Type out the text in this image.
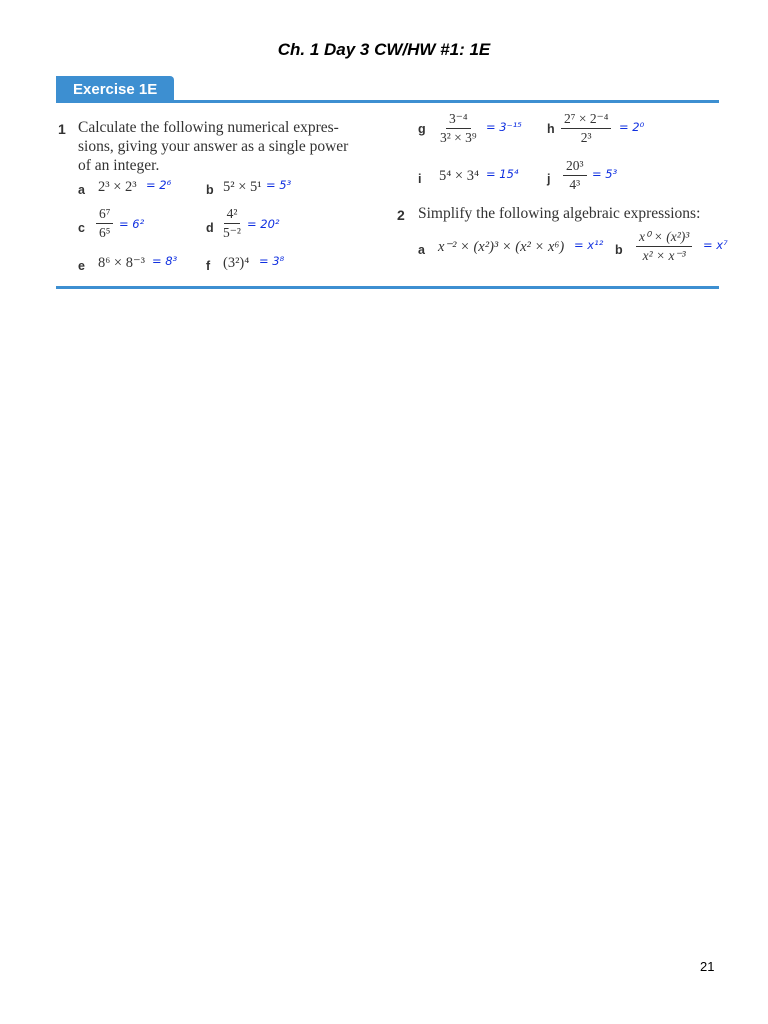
Ch. 1 Day 3 CW/HW #1: 1E
Exercise 1E
1 Calculate the following numerical expres-
sions, giving your answer as a single power
of an integer.
a 2³ × 2³ = 2⁶	b 5² × 5¹ = 5³
c $\frac{\text{6⁷}}{\text{6⁵}} = 6^2$	d $\frac{\text{4²}}{\text{5⁻²}} = 20^2$
e 8⁶ × 8⁻³ = 8³ f (3²)⁴ = 3⁸
g $\frac{\text{3⁻⁴}}{\text{3² × 3⁹}} = 3^{-15}$ h $\frac{\text{2⁷ × 2⁻⁴}}{\text{2³}} = 2^0$
i 5⁴ × 3⁴ = 15⁴ j $\frac{\text{20³}}{\text{4³}} = 5^3$
2 Simplify the following algebraic expressions:
a x⁻² × (x²)³ × (x² × x⁶) = x¹² b $\frac{\text{x⁰ × (x²)³}}{\text{x² × x⁻³}} = x^7$
21
